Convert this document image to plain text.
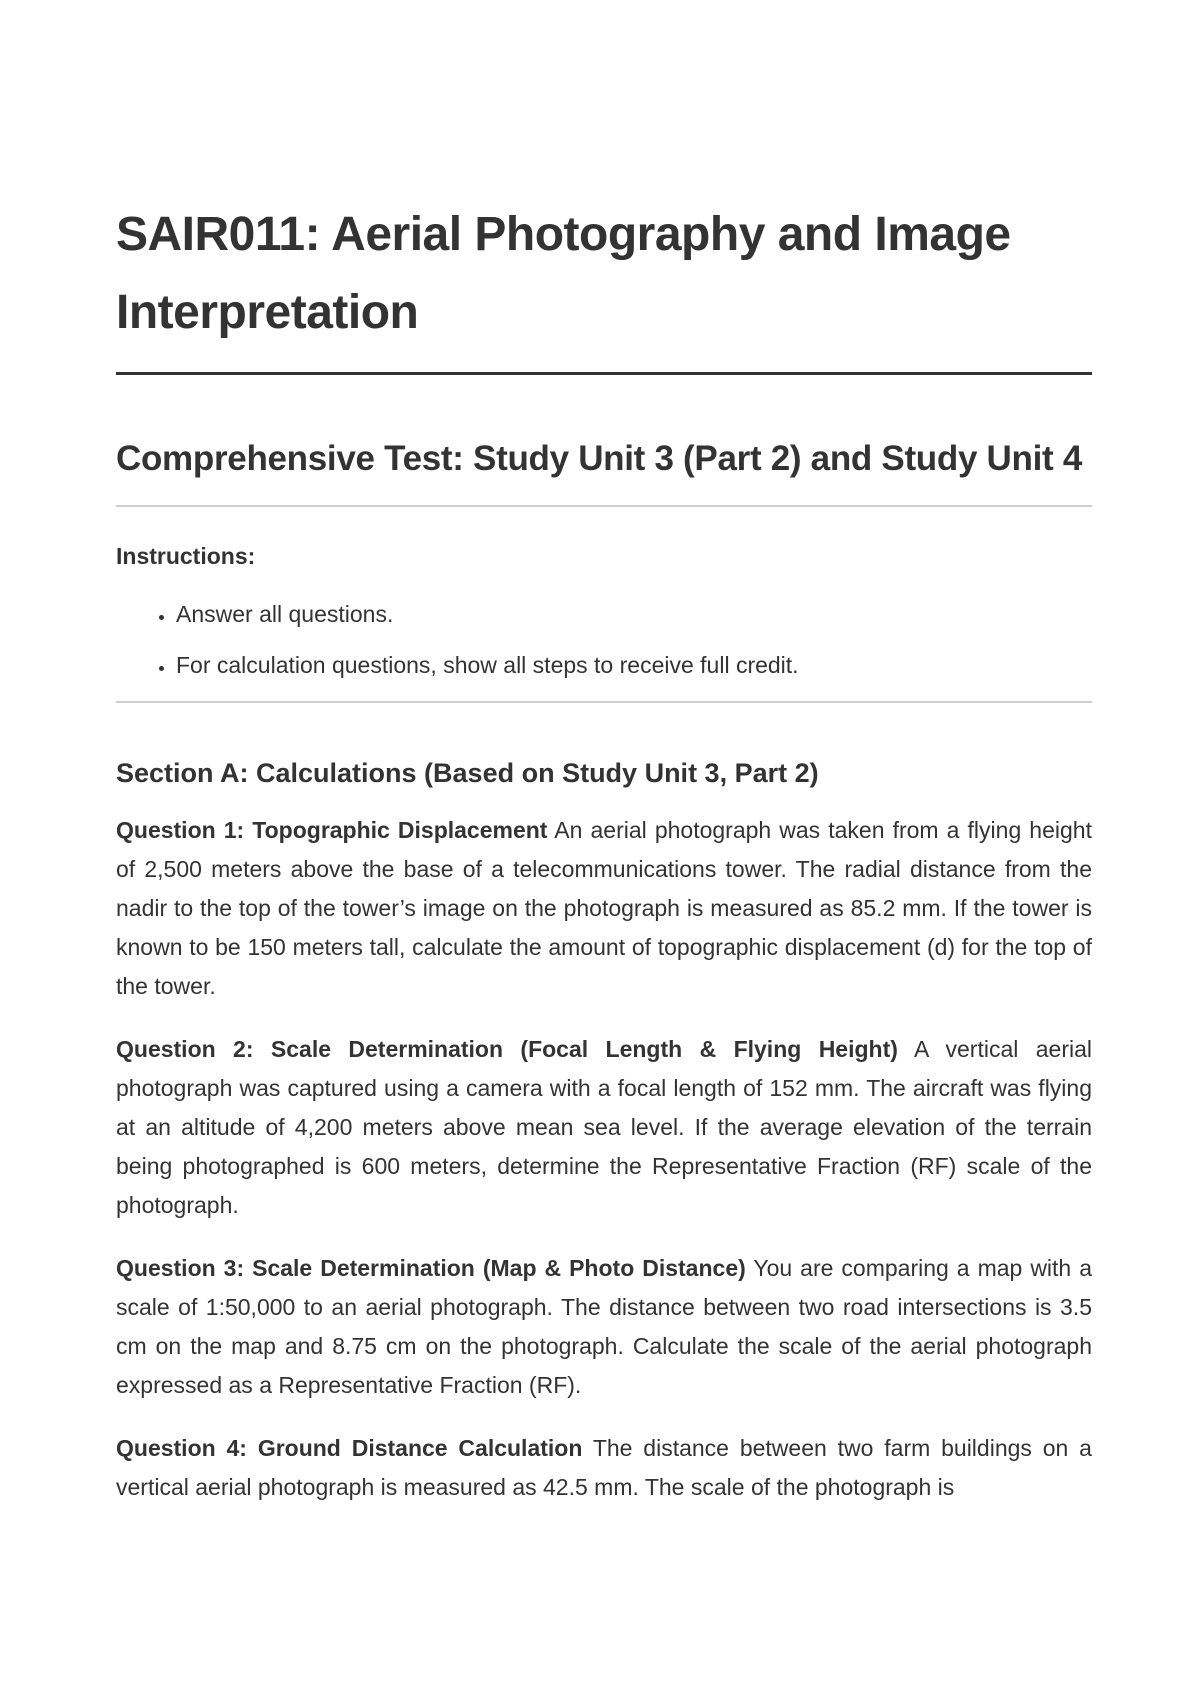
SAIR011: Aerial Photography and Image Interpretation
Comprehensive Test: Study Unit 3 (Part 2) and Study Unit 4
Instructions:
• Answer all questions.
• For calculation questions, show all steps to receive full credit.
Section A: Calculations (Based on Study Unit 3, Part 2)

Question 1: Topographic Displacement An aerial photograph was taken from a flying height of 2,500 meters above the base of a telecommunications tower. The radial distance from the nadir to the top of the tower’s image on the photograph is measured as 85.2 mm. If the tower is known to be 150 meters tall, calculate the amount of topographic displacement (d) for the top of the tower.

Question 2: Scale Determination (Focal Length & Flying Height) A vertical aerial photograph was captured using a camera with a focal length of 152 mm. The aircraft was flying at an altitude of 4,200 meters above mean sea level. If the average elevation of the terrain being photographed is 600 meters, determine the Representative Fraction (RF) scale of the photograph.

Question 3: Scale Determination (Map & Photo Distance) You are comparing a map with a scale of 1:50,000 to an aerial photograph. The distance between two road intersections is 3.5 cm on the map and 8.75 cm on the photograph. Calculate the scale of the aerial photograph expressed as a Representative Fraction (RF).

Question 4: Ground Distance Calculation The distance between two farm buildings on a vertical aerial photograph is measured as 42.5 mm. The scale of the photograph is
